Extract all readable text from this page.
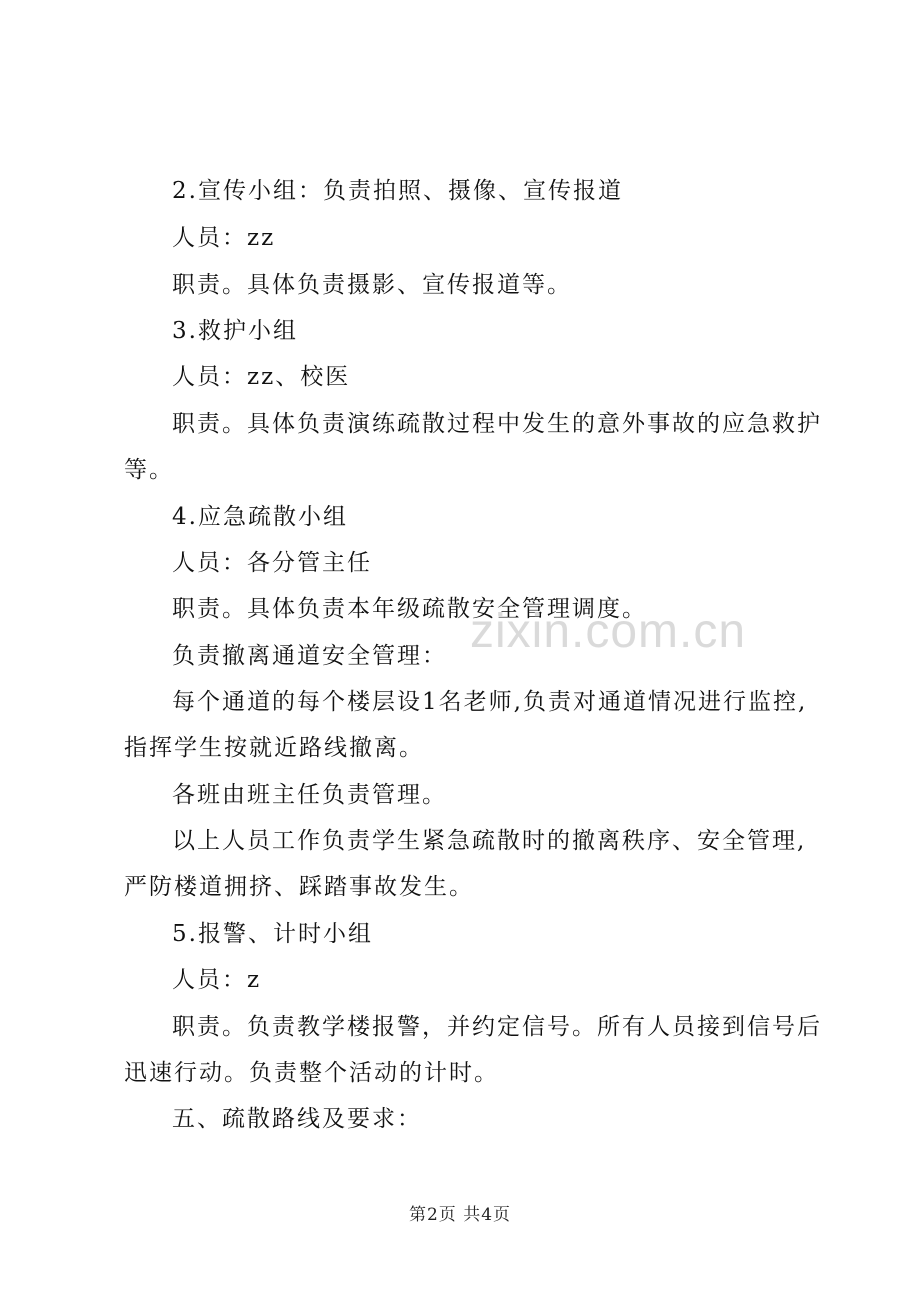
2.宣传小组：负责拍照、摄像、宣传报道
人员：zz
职责。具体负责摄影、宣传报道等。
3.救护小组
人员：zz、校医
职责。具体负责演练疏散过程中发生的意外事故的应急救护
等。
4.应急疏散小组
人员：各分管主任
职责。具体负责本年级疏散安全管理调度。
负责撤离通道安全管理：
每个通道的每个楼层设1名老师,负责对通道情况进行监控,
指挥学生按就近路线撤离。
各班由班主任负责管理。
以上人员工作负责学生紧急疏散时的撤离秩序、安全管理,
严防楼道拥挤、踩踏事故发生。
5.报警、计时小组
人员：z
职责。负责教学楼报警，并约定信号。所有人员接到信号后
迅速行动。负责整个活动的计时。
五、疏散路线及要求：
zixin.com.cn
第2页 共4页
